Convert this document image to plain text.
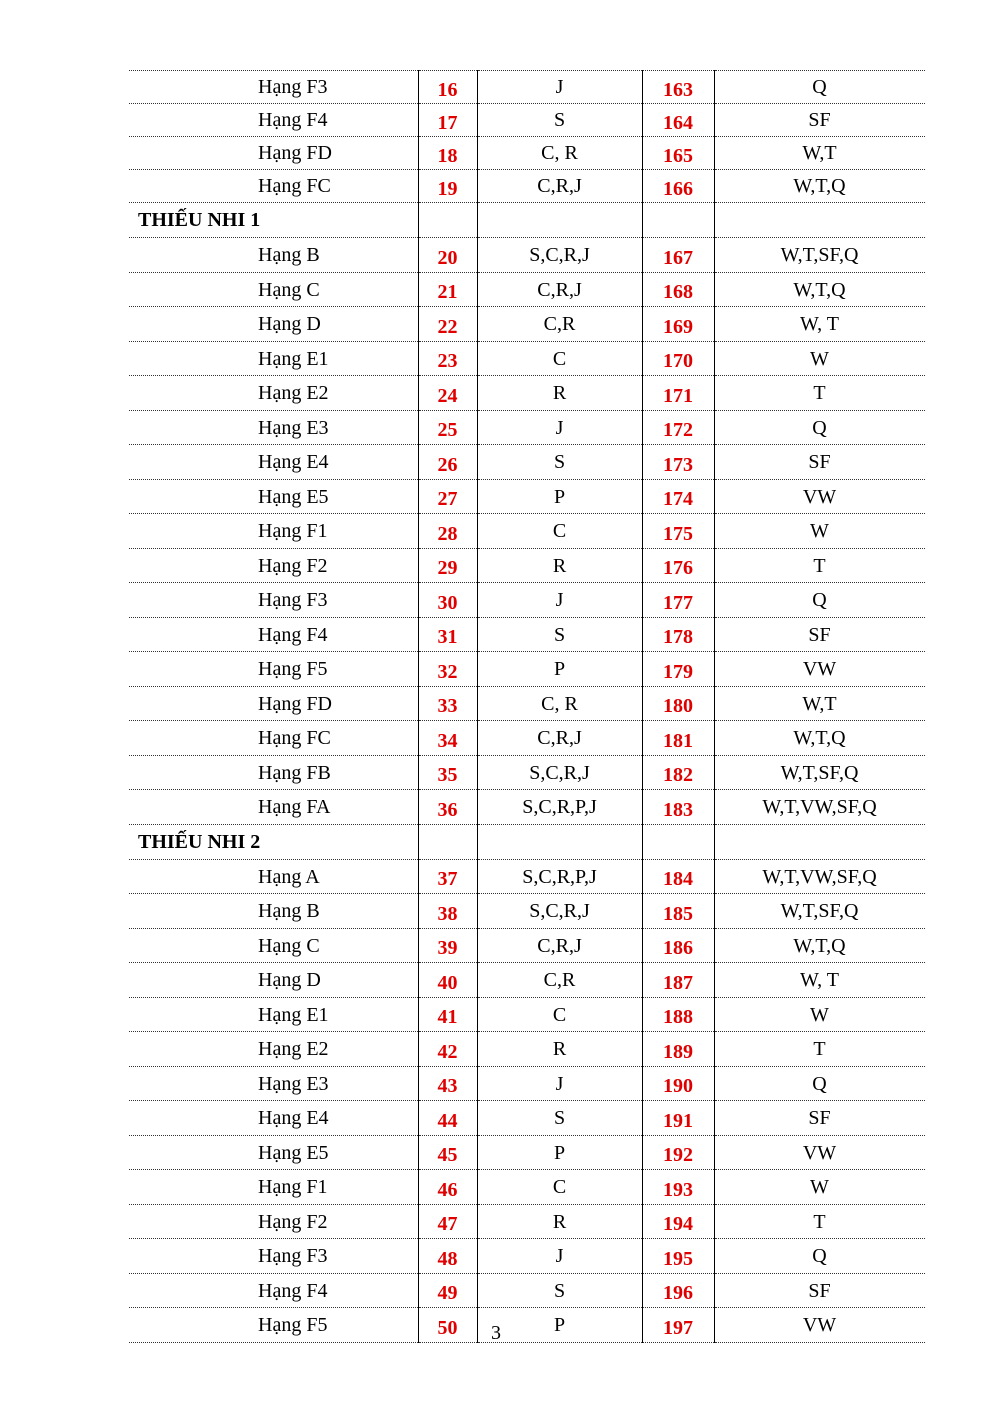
Hạng F3	16	J	163	Q
Hạng F4	17	S	164	SF
Hạng FD	18	C, R	165	W,T
Hạng FC	19	C,R,J	166	W,T,Q
THIẾU NHI 1				
Hạng B	20	S,C,R,J	167	W,T,SF,Q
Hạng C	21	C,R,J	168	W,T,Q
Hạng D	22	C,R	169	W, T
Hạng E1	23	C	170	W
Hạng E2	24	R	171	T
Hạng E3	25	J	172	Q
Hạng E4	26	S	173	SF
Hạng E5	27	P	174	VW
Hạng F1	28	C	175	W
Hạng F2	29	R	176	T
Hạng F3	30	J	177	Q
Hạng F4	31	S	178	SF
Hạng F5	32	P	179	VW
Hạng FD	33	C, R	180	W,T
Hạng FC	34	C,R,J	181	W,T,Q
Hạng FB	35	S,C,R,J	182	W,T,SF,Q
Hạng FA	36	S,C,R,P,J	183	W,T,VW,SF,Q
THIẾU NHI 2				
Hạng A	37	S,C,R,P,J	184	W,T,VW,SF,Q
Hạng B	38	S,C,R,J	185	W,T,SF,Q
Hạng C	39	C,R,J	186	W,T,Q
Hạng D	40	C,R	187	W, T
Hạng E1	41	C	188	W
Hạng E2	42	R	189	T
Hạng E3	43	J	190	Q
Hạng E4	44	S	191	SF
Hạng E5	45	P	192	VW
Hạng F1	46	C	193	W
Hạng F2	47	R	194	T
Hạng F3	48	J	195	Q
Hạng F4	49	S	196	SF
Hạng F5	50	P	197	VW
3
